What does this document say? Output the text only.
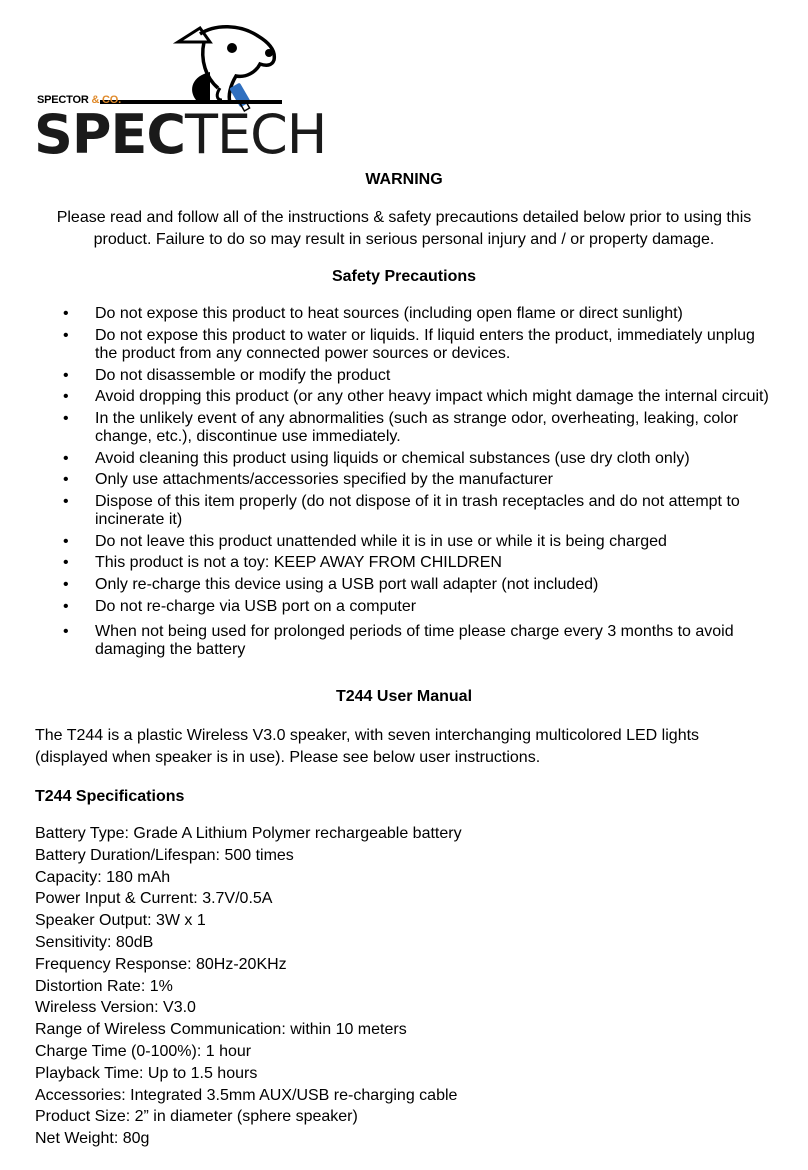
SPECTOR & CO.
SPECTECH
WARNING
Please read and follow all of the instructions & safety precautions detailed below prior to using this product. Failure to do so may result in serious personal injury and / or property damage.
Safety Precautions
• Do not expose this product to heat sources (including open flame or direct sunlight)
• Do not expose this product to water or liquids. If liquid enters the product, immediately unplug the product from any connected power sources or devices.
• Do not disassemble or modify the product
• Avoid dropping this product (or any other heavy impact which might damage the internal circuit)
• In the unlikely event of any abnormalities (such as strange odor, overheating, leaking, color change, etc.), discontinue use immediately.
• Avoid cleaning this product using liquids or chemical substances (use dry cloth only)
• Only use attachments/accessories specified by the manufacturer
• Dispose of this item properly (do not dispose of it in trash receptacles and do not attempt to incinerate it)
• Do not leave this product unattended while it is in use or while it is being charged
• This product is not a toy: KEEP AWAY FROM CHILDREN
• Only re-charge this device using a USB port wall adapter (not included)
• Do not re-charge via USB port on a computer
• When not being used for prolonged periods of time please charge every 3 months to avoid damaging the battery
T244 User Manual
The T244 is a plastic Wireless V3.0 speaker, with seven interchanging multicolored LED lights (displayed when speaker is in use). Please see below user instructions.
T244 Specifications
Battery Type: Grade A Lithium Polymer rechargeable battery
Battery Duration/Lifespan: 500 times
Capacity: 180 mAh
Power Input & Current: 3.7V/0.5A
Speaker Output: 3W x 1
Sensitivity: 80dB
Frequency Response: 80Hz-20KHz
Distortion Rate: 1%
Wireless Version: V3.0
Range of Wireless Communication: within 10 meters
Charge Time (0-100%): 1 hour
Playback Time: Up to 1.5 hours
Accessories: Integrated 3.5mm AUX/USB re-charging cable
Product Size: 2” in diameter (sphere speaker)
Net Weight: 80g
